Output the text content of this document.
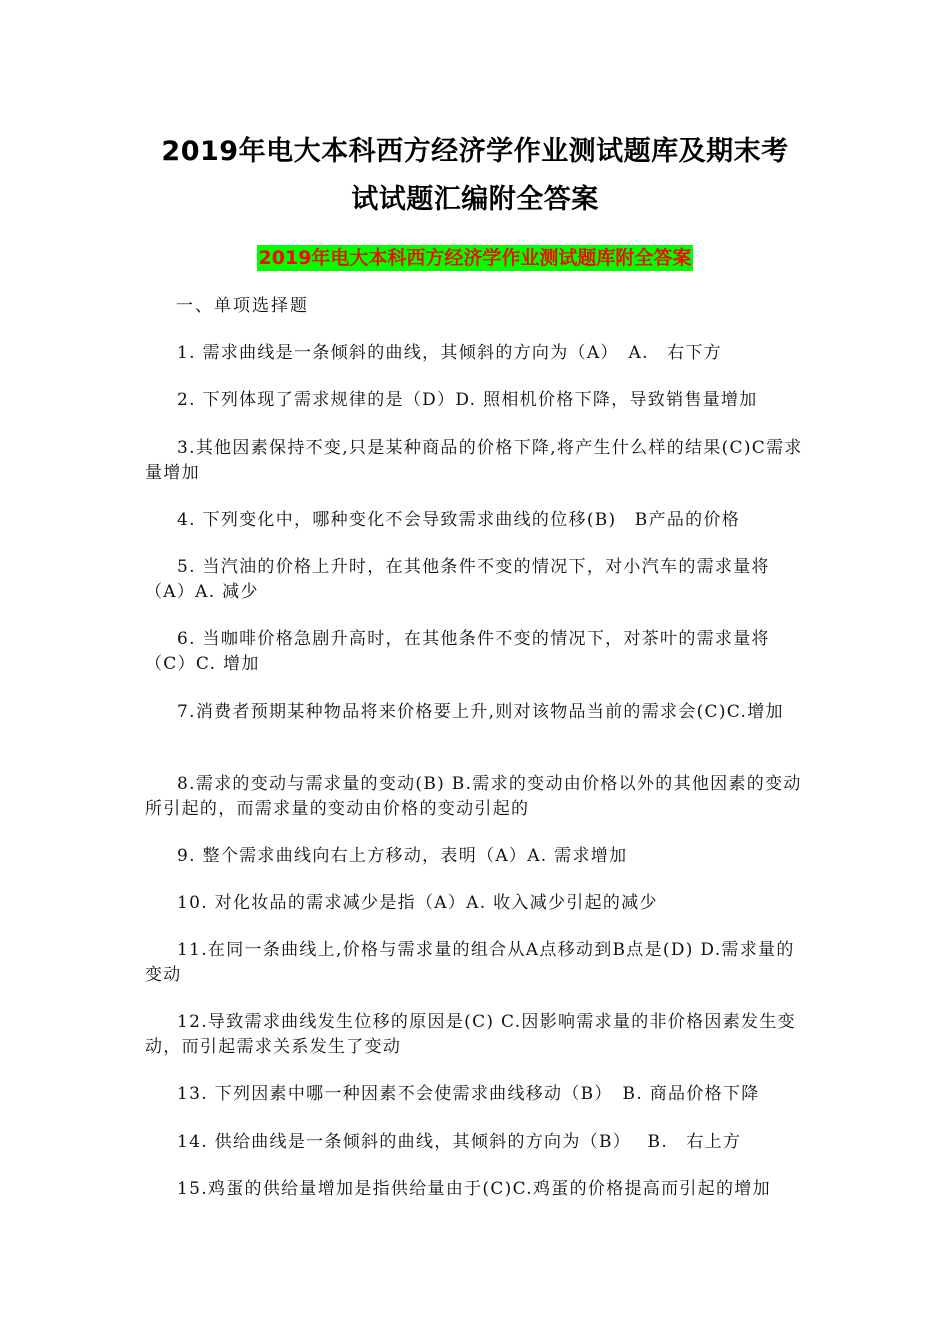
2019年电大本科西方经济学作业测试题库及期末考
试试题汇编附全答案
2019年电大本科西方经济学作业测试题库附全答案

一、单项选择题

1. 需求曲线是一条倾斜的曲线，其倾斜的方向为（A）　A.　右下方

2. 下列体现了需求规律的是（D）D. 照相机价格下降，导致销售量增加

3.其他因素保持不变,只是某种商品的价格下降,将产生什么样的结果(C)C需求量增加

4. 下列变化中，哪种变化不会导致需求曲线的位移(B)　B产品的价格

5. 当汽油的价格上升时，在其他条件不变的情况下，对小汽车的需求量将（A）A. 减少

6. 当咖啡价格急剧升高时，在其他条件不变的情况下，对茶叶的需求量将（C）C. 增加

7.消费者预期某种物品将来价格要上升,则对该物品当前的需求会(C)C.增加

8.需求的变动与需求量的变动(B) B.需求的变动由价格以外的其他因素的变动所引起的，而需求量的变动由价格的变动引起的

9. 整个需求曲线向右上方移动，表明（A）A. 需求增加

10. 对化妆品的需求减少是指（A）A. 收入减少引起的减少

11.在同一条曲线上,价格与需求量的组合从A点移动到B点是(D) D.需求量的变动

12.导致需求曲线发生位移的原因是(C) C.因影响需求量的非价格因素发生变动，而引起需求关系发生了变动

13. 下列因素中哪一种因素不会使需求曲线移动（B）　B. 商品价格下降

14. 供给曲线是一条倾斜的曲线，其倾斜的方向为（B）　 B.　右上方

15.鸡蛋的供给量增加是指供给量由于(C)C.鸡蛋的价格提高而引起的增加
